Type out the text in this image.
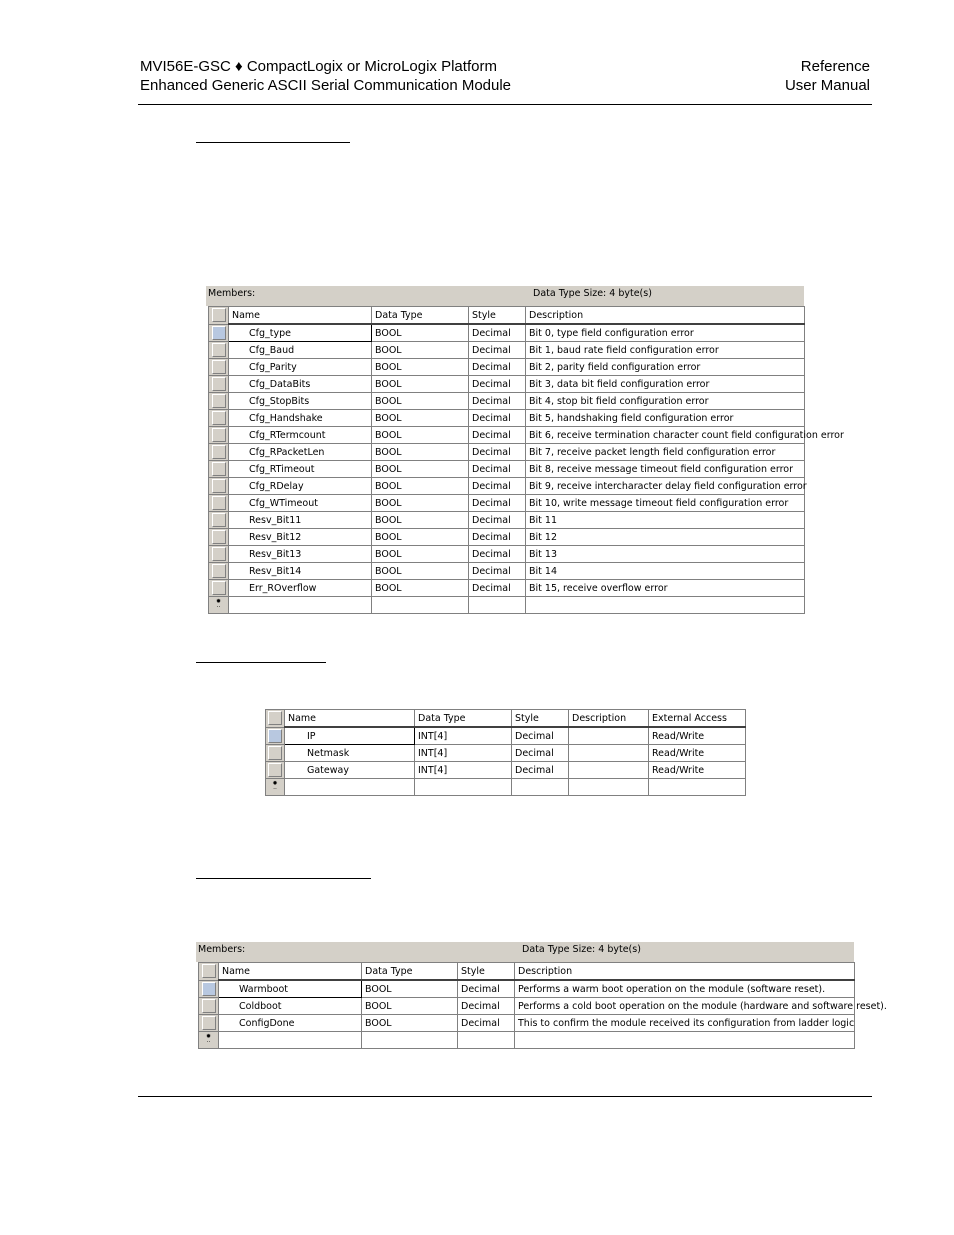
MVI56E-GSC ♦ CompactLogix or MicroLogix Platform
Enhanced Generic ASCII Serial Communication Module
Reference
User Manual
Members:	Data Type Size: 4 byte(s)
	Name	Data Type	Style	Description

	Cfg_type	BOOL	Decimal	Bit 0, type field configuration error

	Cfg_Baud	BOOL	Decimal	Bit 1, baud rate field configuration error

	Cfg_Parity	BOOL	Decimal	Bit 2, parity field configuration error

	Cfg_DataBits	BOOL	Decimal	Bit 3, data bit field configuration error

	Cfg_StopBits	BOOL	Decimal	Bit 4, stop bit field configuration error

	Cfg_Handshake	BOOL	Decimal	Bit 5, handshaking field configuration error

	Cfg_RTermcount	BOOL	Decimal	Bit 6, receive termination character count field configuration error

	Cfg_RPacketLen	BOOL	Decimal	Bit 7, receive packet length field configuration error

	Cfg_RTimeout	BOOL	Decimal	Bit 8, receive message timeout field configuration error

	Cfg_RDelay	BOOL	Decimal	Bit 9, receive intercharacter delay field configuration error

	Cfg_WTimeout	BOOL	Decimal	Bit 10, write message timeout field configuration error

	Resv_Bit11	BOOL	Decimal	Bit 11

	Resv_Bit12	BOOL	Decimal	Bit 12

	Resv_Bit13	BOOL	Decimal	Bit 13

	Resv_Bit14	BOOL	Decimal	Bit 14

	Err_ROverflow	BOOL	Decimal	Bit 15, receive overflow error

✹
··				

	Name	Data Type	Style	Description	External Access

	IP	INT[4]	Decimal		Read/Write

	Netmask	INT[4]	Decimal		Read/Write

	Gateway	INT[4]	Decimal		Read/Write

✹
··					

Members:	Data Type Size: 4 byte(s)
	Name	Data Type	Style	Description

	Warmboot	BOOL	Decimal	Performs a warm boot operation on the module (software reset).

	Coldboot	BOOL	Decimal	Performs a cold boot operation on the module (hardware and software reset).

	ConfigDone	BOOL	Decimal	This to confirm the module received its configuration from ladder logic

✹
··				
